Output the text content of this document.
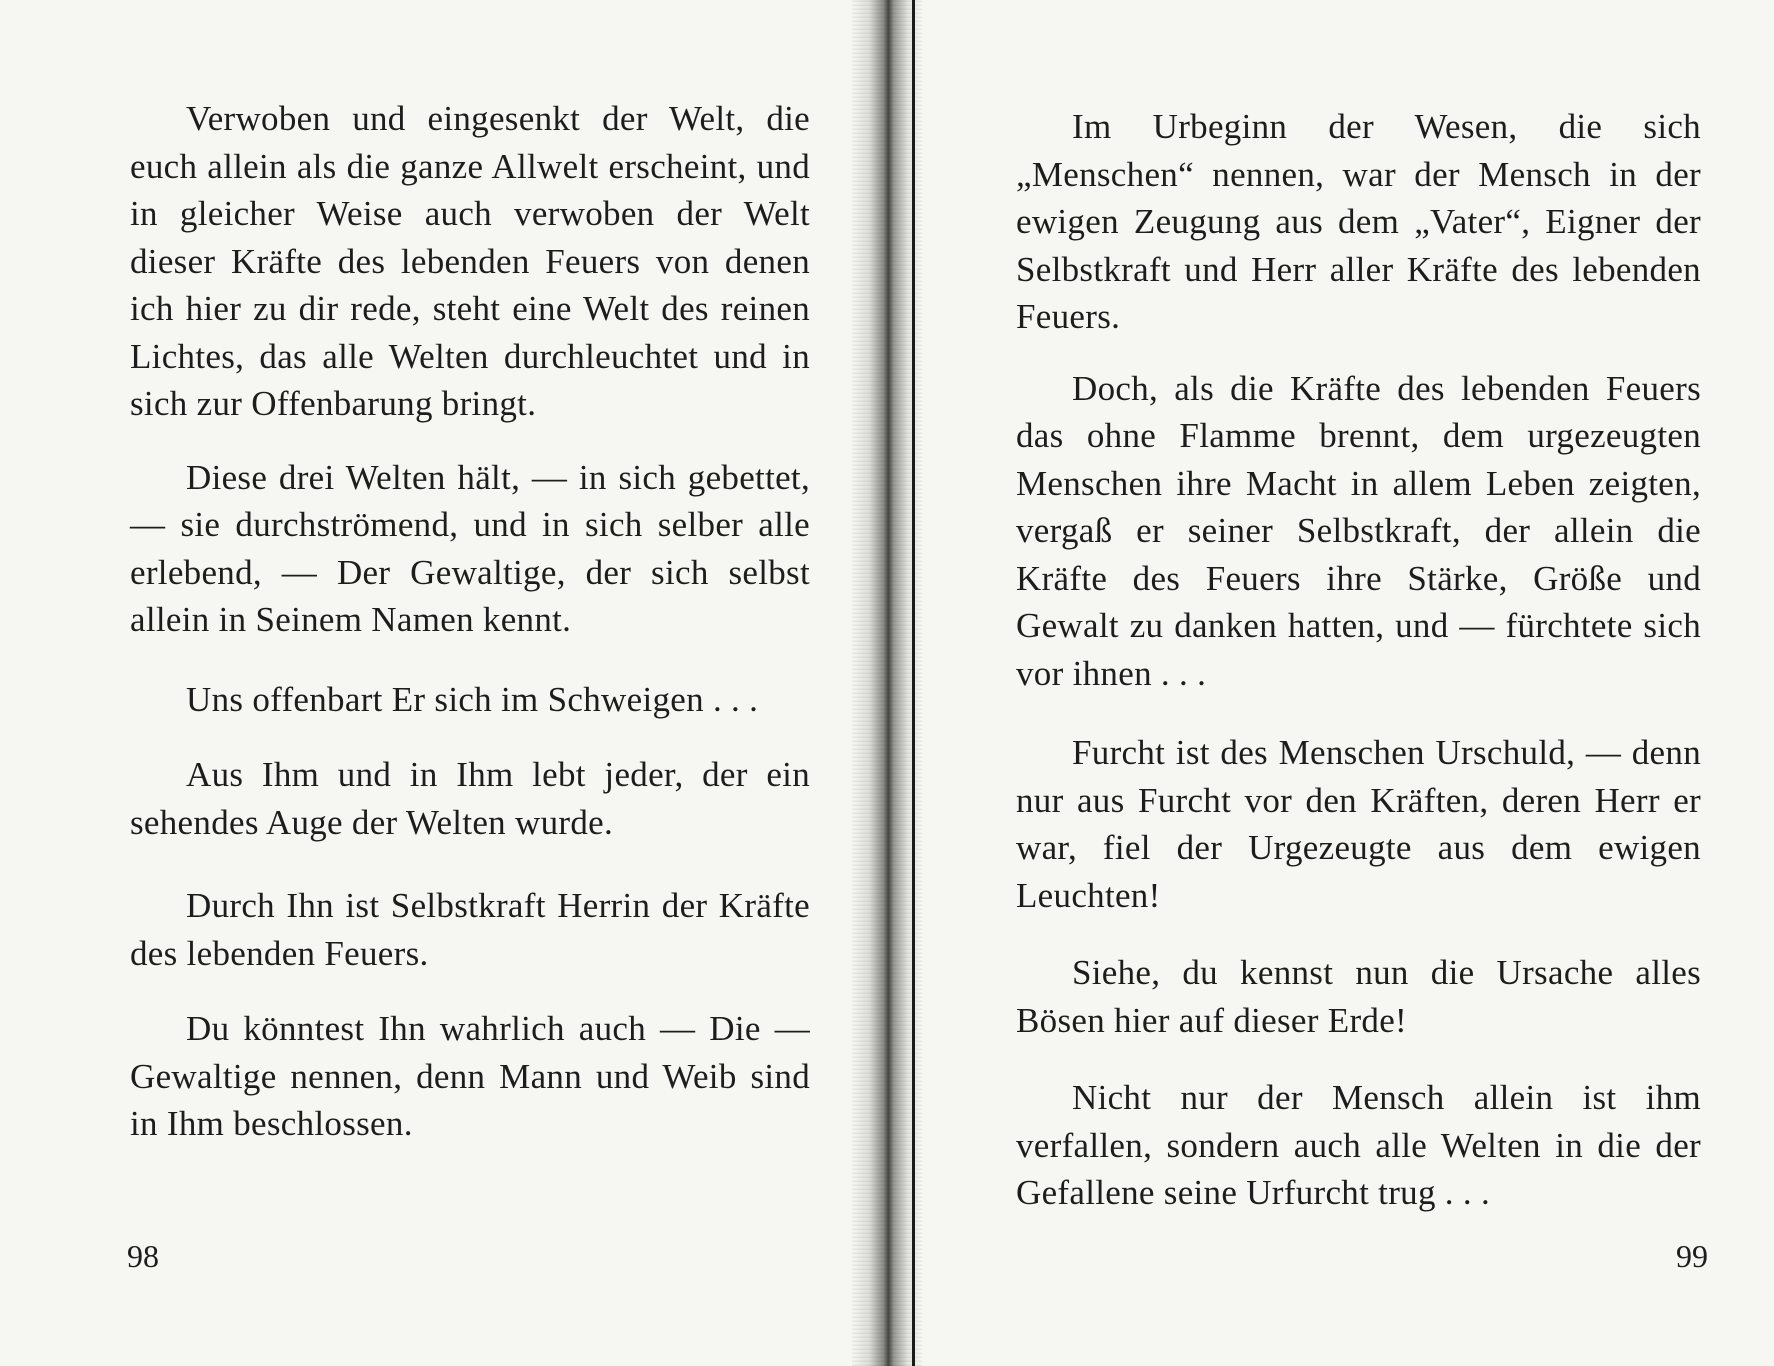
Verwoben und eingesenkt der Welt, die euch allein als die ganze Allwelt erscheint, und in gleicher Weise auch verwoben der Welt dieser Kräfte des lebenden Feuers von denen ich hier zu dir rede, steht eine Welt des reinen Lichtes, das alle Welten durchleuchtet und in sich zur Offenbarung bringt.

Diese drei Welten hält, — in sich gebettet, — sie durchströmend, und in sich selber alle erlebend, — Der Gewaltige, der sich selbst allein in Seinem Namen kennt.

Uns offenbart Er sich im Schweigen . . .

Aus Ihm und in Ihm lebt jeder, der ein sehendes Auge der Welten wurde.

Durch Ihn ist Selbstkraft Herrin der Kräfte des lebenden Feuers.

Du könntest Ihn wahrlich auch — Die — Gewaltige nennen, denn Mann und Weib sind in Ihm beschlossen.

98

Im Urbeginn der Wesen, die sich „Menschen“ nennen, war der Mensch in der ewigen Zeugung aus dem „Vater“, Eigner der Selbstkraft und Herr aller Kräfte des lebenden Feuers.

Doch, als die Kräfte des lebenden Feuers das ohne Flamme brennt, dem urgezeugten Menschen ihre Macht in allem Leben zeigten, vergaß er seiner Selbstkraft, der allein die Kräfte des Feuers ihre Stärke, Größe und Gewalt zu danken hatten, und — fürchtete sich vor ihnen . . .

Furcht ist des Menschen Urschuld, — denn nur aus Furcht vor den Kräften, deren Herr er war, fiel der Urgezeugte aus dem ewigen Leuchten!

Siehe, du kennst nun die Ursache alles Bösen hier auf dieser Erde!

Nicht nur der Mensch allein ist ihm verfallen, sondern auch alle Welten in die der Gefallene seine Urfurcht trug . . .

99
